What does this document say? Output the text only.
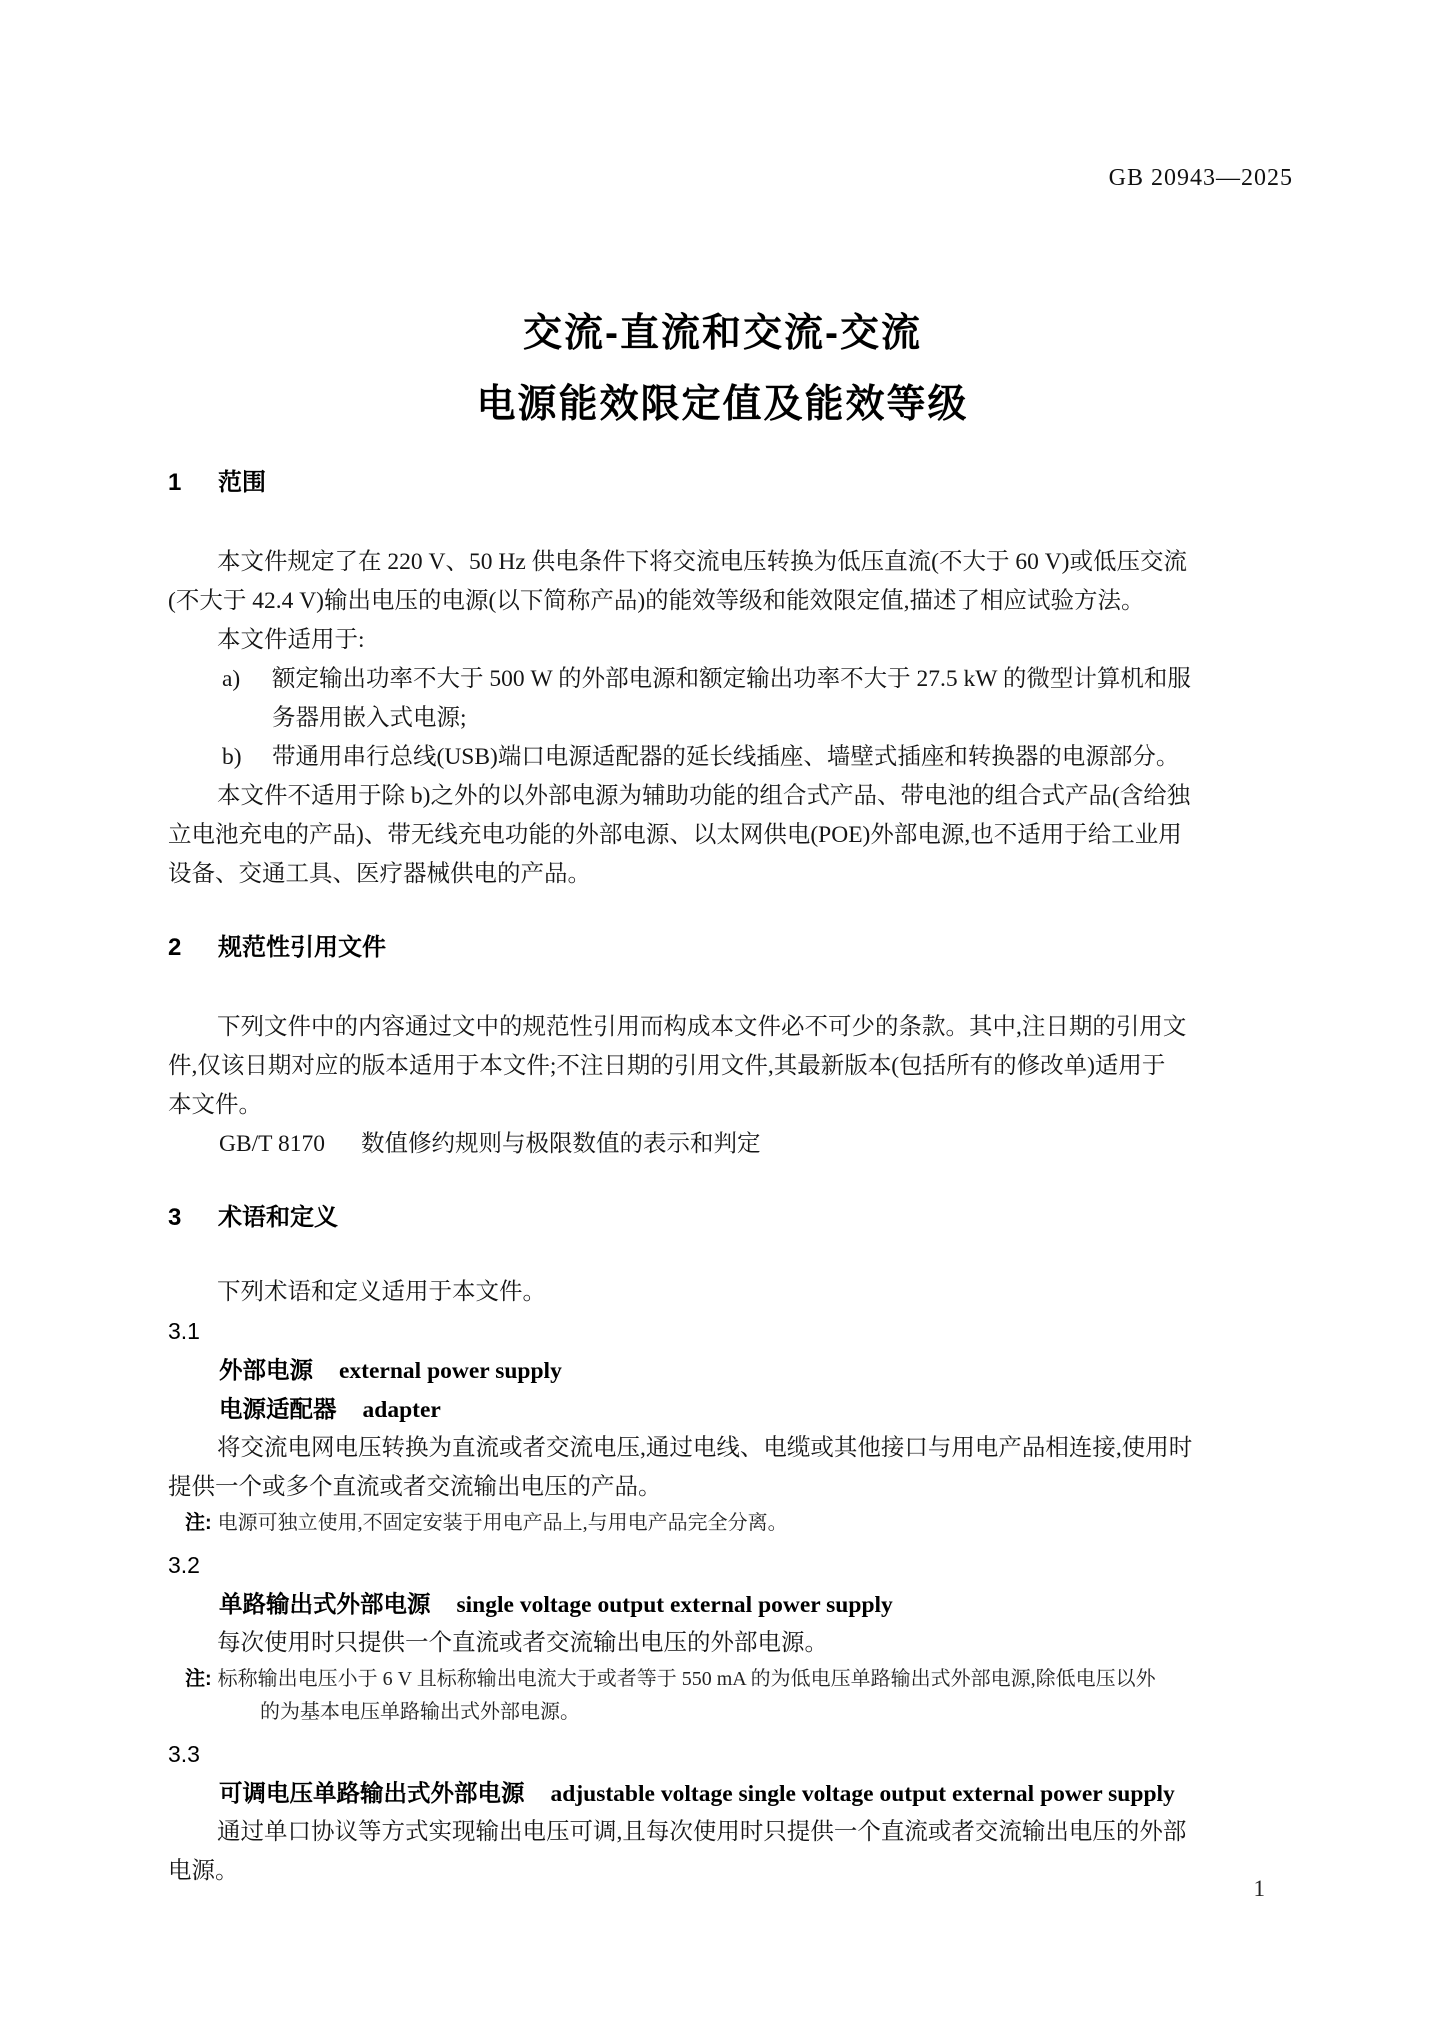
GB 20943—2025
交流-直流和交流-交流
电源能效限定值及能效等级
1 范围
本文件规定了在 220 V、50 Hz 供电条件下将交流电压转换为低压直流(不大于 60 V)或低压交流
(不大于 42.4 V)输出电压的电源(以下简称产品)的能效等级和能效限定值,描述了相应试验方法。
本文件适用于:
a)	额定输出功率不大于 500 W 的外部电源和额定输出功率不大于 27.5 kW 的微型计算机和服
务器用嵌入式电源;
b)	带通用串行总线(USB)端口电源适配器的延长线插座、墙壁式插座和转换器的电源部分。
本文件不适用于除 b)之外的以外部电源为辅助功能的组合式产品、带电池的组合式产品(含给独
立电池充电的产品)、带无线充电功能的外部电源、以太网供电(POE)外部电源,也不适用于给工业用
设备、交通工具、医疗器械供电的产品。
2 规范性引用文件
下列文件中的内容通过文中的规范性引用而构成本文件必不可少的条款。其中,注日期的引用文
件,仅该日期对应的版本适用于本文件;不注日期的引用文件,其最新版本(包括所有的修改单)适用于
本文件。
GB/T 8170 数值修约规则与极限数值的表示和判定
3 术语和定义
下列术语和定义适用于本文件。
3.1
外部电源 external power supply
电源适配器 adapter
将交流电网电压转换为直流或者交流电压,通过电线、电缆或其他接口与用电产品相连接,使用时
提供一个或多个直流或者交流输出电压的产品。
注: 电源可独立使用,不固定安装于用电产品上,与用电产品完全分离。
3.2
单路输出式外部电源 single voltage output external power supply
每次使用时只提供一个直流或者交流输出电压的外部电源。
注: 标称输出电压小于 6 V 且标称输出电流大于或者等于 550 mA 的为低电压单路输出式外部电源,除低电压以外
的为基本电压单路输出式外部电源。
3.3
可调电压单路输出式外部电源 adjustable voltage single voltage output external power supply
通过单口协议等方式实现输出电压可调,且每次使用时只提供一个直流或者交流输出电压的外部
电源。
1
